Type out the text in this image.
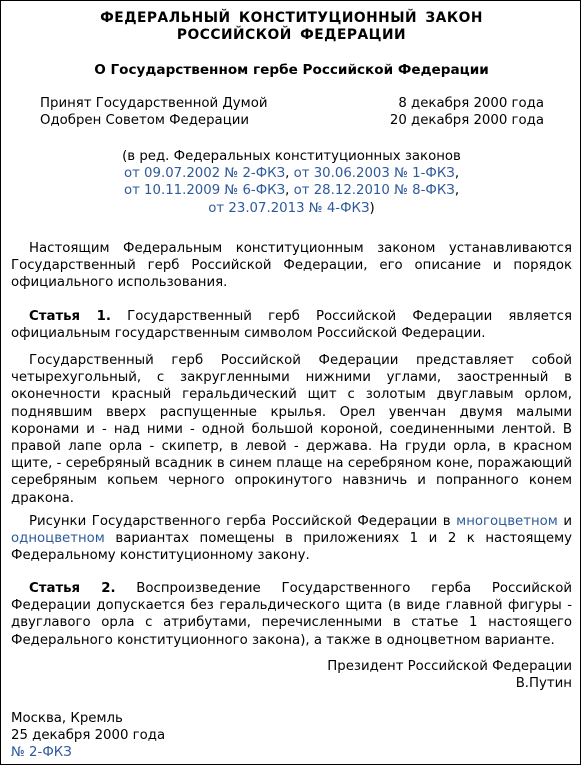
ФЕДЕРАЛЬНЫЙ КОНСТИТУЦИОННЫЙ ЗАКОН
РОССИЙСКОЙ ФЕДЕРАЦИИ
О Государственном гербе Российской Федерации
Принят Государственной Думой	8 декабря 2000 года
Одобрен Советом Федерации	20 декабря 2000 года
(в ред. Федеральных конституционных законов
от 09.07.2002 № 2-ФКЗ, от 30.06.2003 № 1-ФКЗ,
от 10.11.2009 № 6-ФКЗ, от 28.12.2010 № 8-ФКЗ,
от 23.07.2013 № 4-ФКЗ)
Настоящим Федеральным конституционным законом устанавливаются Государственный герб Российской Федерации, его описание и порядок официального использования.
Статья 1. Государственный герб Российской Федерации является официальным государственным символом Российской Федерации.
Государственный герб Российской Федерации представляет собой четырехугольный, с закругленными нижними углами, заостренный в оконечности красный геральдический щит с золотым двуглавым орлом, поднявшим вверх распущенные крылья. Орел увенчан двумя малыми коронами и - над ними - одной большой короной, соединенными лентой. В правой лапе орла - скипетр, в левой - держава. На груди орла, в красном щите, - серебряный всадник в синем плаще на серебряном коне, поражающий серебряным копьем черного опрокинутого навзничь и попранного конем дракона.
Рисунки Государственного герба Российской Федерации в многоцветном и одноцветном вариантах помещены в приложениях 1 и 2 к настоящему Федеральному конституционному закону.
Статья 2. Воспроизведение Государственного герба Российской Федерации допускается без геральдического щита (в виде главной фигуры - двуглавого орла с атрибутами, перечисленными в статье 1 настоящего Федерального конституционного закона), а также в одноцветном варианте.
Президент Российской Федерации
В.Путин
Москва, Кремль
25 декабря 2000 года
№ 2-ФКЗ
